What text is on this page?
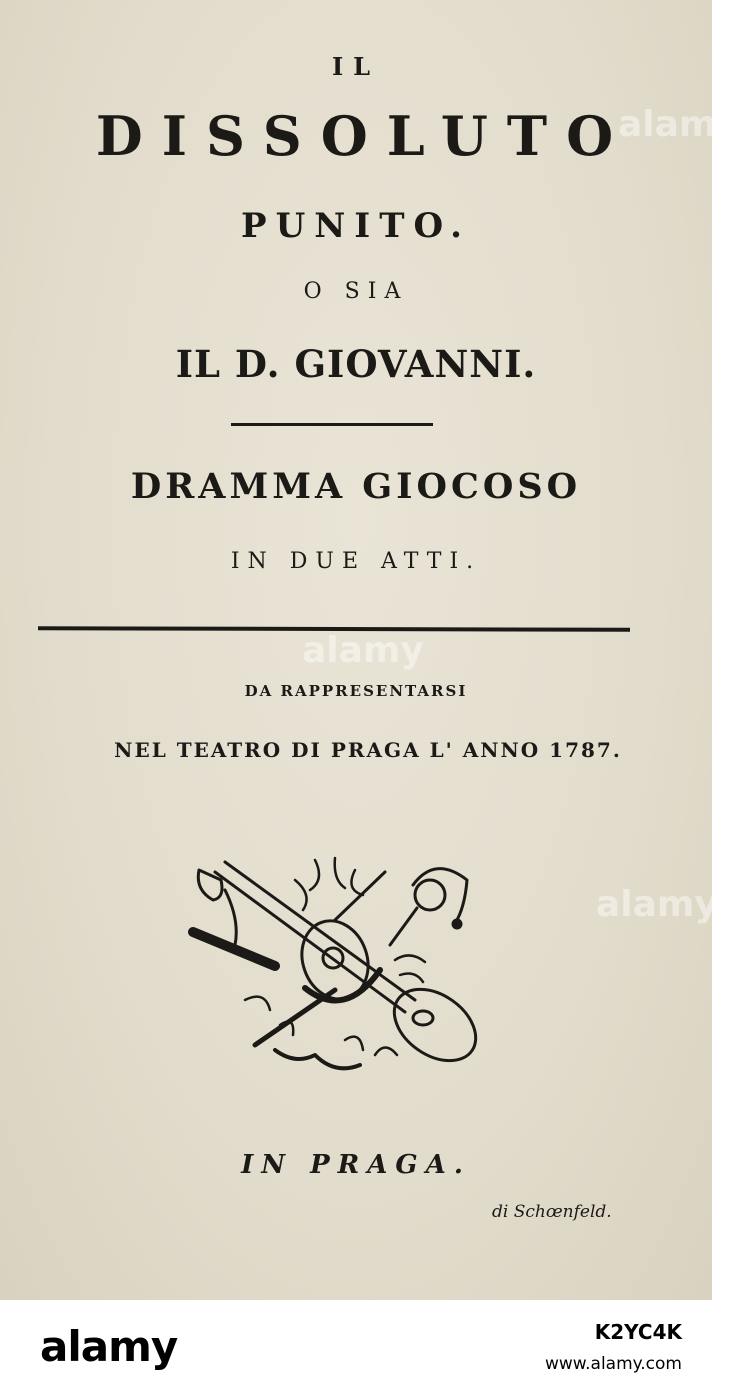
IL
DISSOLUTO
PUNITO.
O SIA
IL D. GIOVANNI.
DRAMMA GIOCOSO
IN DUE ATTI.
DA RAPPRESENTARSI
NEL TEATRO DI PRAGA L' ANNO 1787.
IN PRAGA.
di Schœnfeld.
alamy
alamy
alamy
alamy	K2YC4K
www.alamy.com
